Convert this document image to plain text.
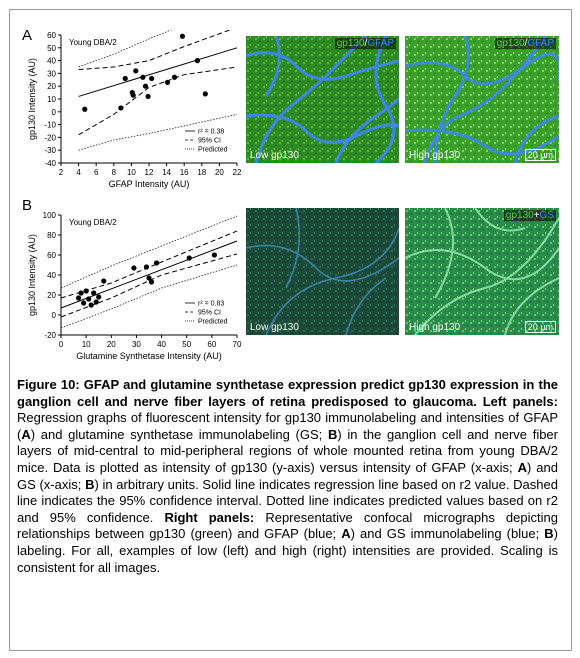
A
2 4 6 8 10 12 14 16 18 20 22
-40
-30
-20
-10
0
10
20
30
40
50
60
GFAP Intensity (AU)
gp130 Intensity (AU)
Young DBA/2
r² = 0.38
95% CI
Predicted
gp130/GFAP
Low gp130
gp130/GFAP
High gp130	20 μm
B
0 10 20 30 40 50 60 70
-20
0
20
40
60
80
100
Glutamine Synthetase Intensity (AU)
gp130 Intensity (AU)
Young DBA/2
r² = 0.83
95% CI
Predicted Low gp130
gp130+GS
High gp130	20 μm
Figure 10: GFAP and glutamine synthetase expression predict gp130 expression in the ganglion cell and nerve fiber layers of retina predisposed to glaucoma. Left panels: Regression graphs of fluorescent intensity for gp130 immunolabeling and intensities of GFAP (A) and glutamine synthetase immunolabeling (GS; B) in the ganglion cell and nerve fiber layers of mid-central to mid-peripheral regions of whole mounted retina from young DBA/2 mice. Data is plotted as intensity of gp130 (y-axis) versus intensity of GFAP (x-axis; A) and GS (x-axis; B) in arbitrary units. Solid line indicates regression line based on r2 value. Dashed line indicates the 95% confidence interval. Dotted line indicates predicted values based on r2 and 95% confidence. Right panels: Representative confocal micrographs depicting relationships between gp130 (green) and GFAP (blue; A) and GS immunolabeling (blue; B) labeling. For all, examples of low (left) and high (right) intensities are provided. Scaling is consistent for all images.
